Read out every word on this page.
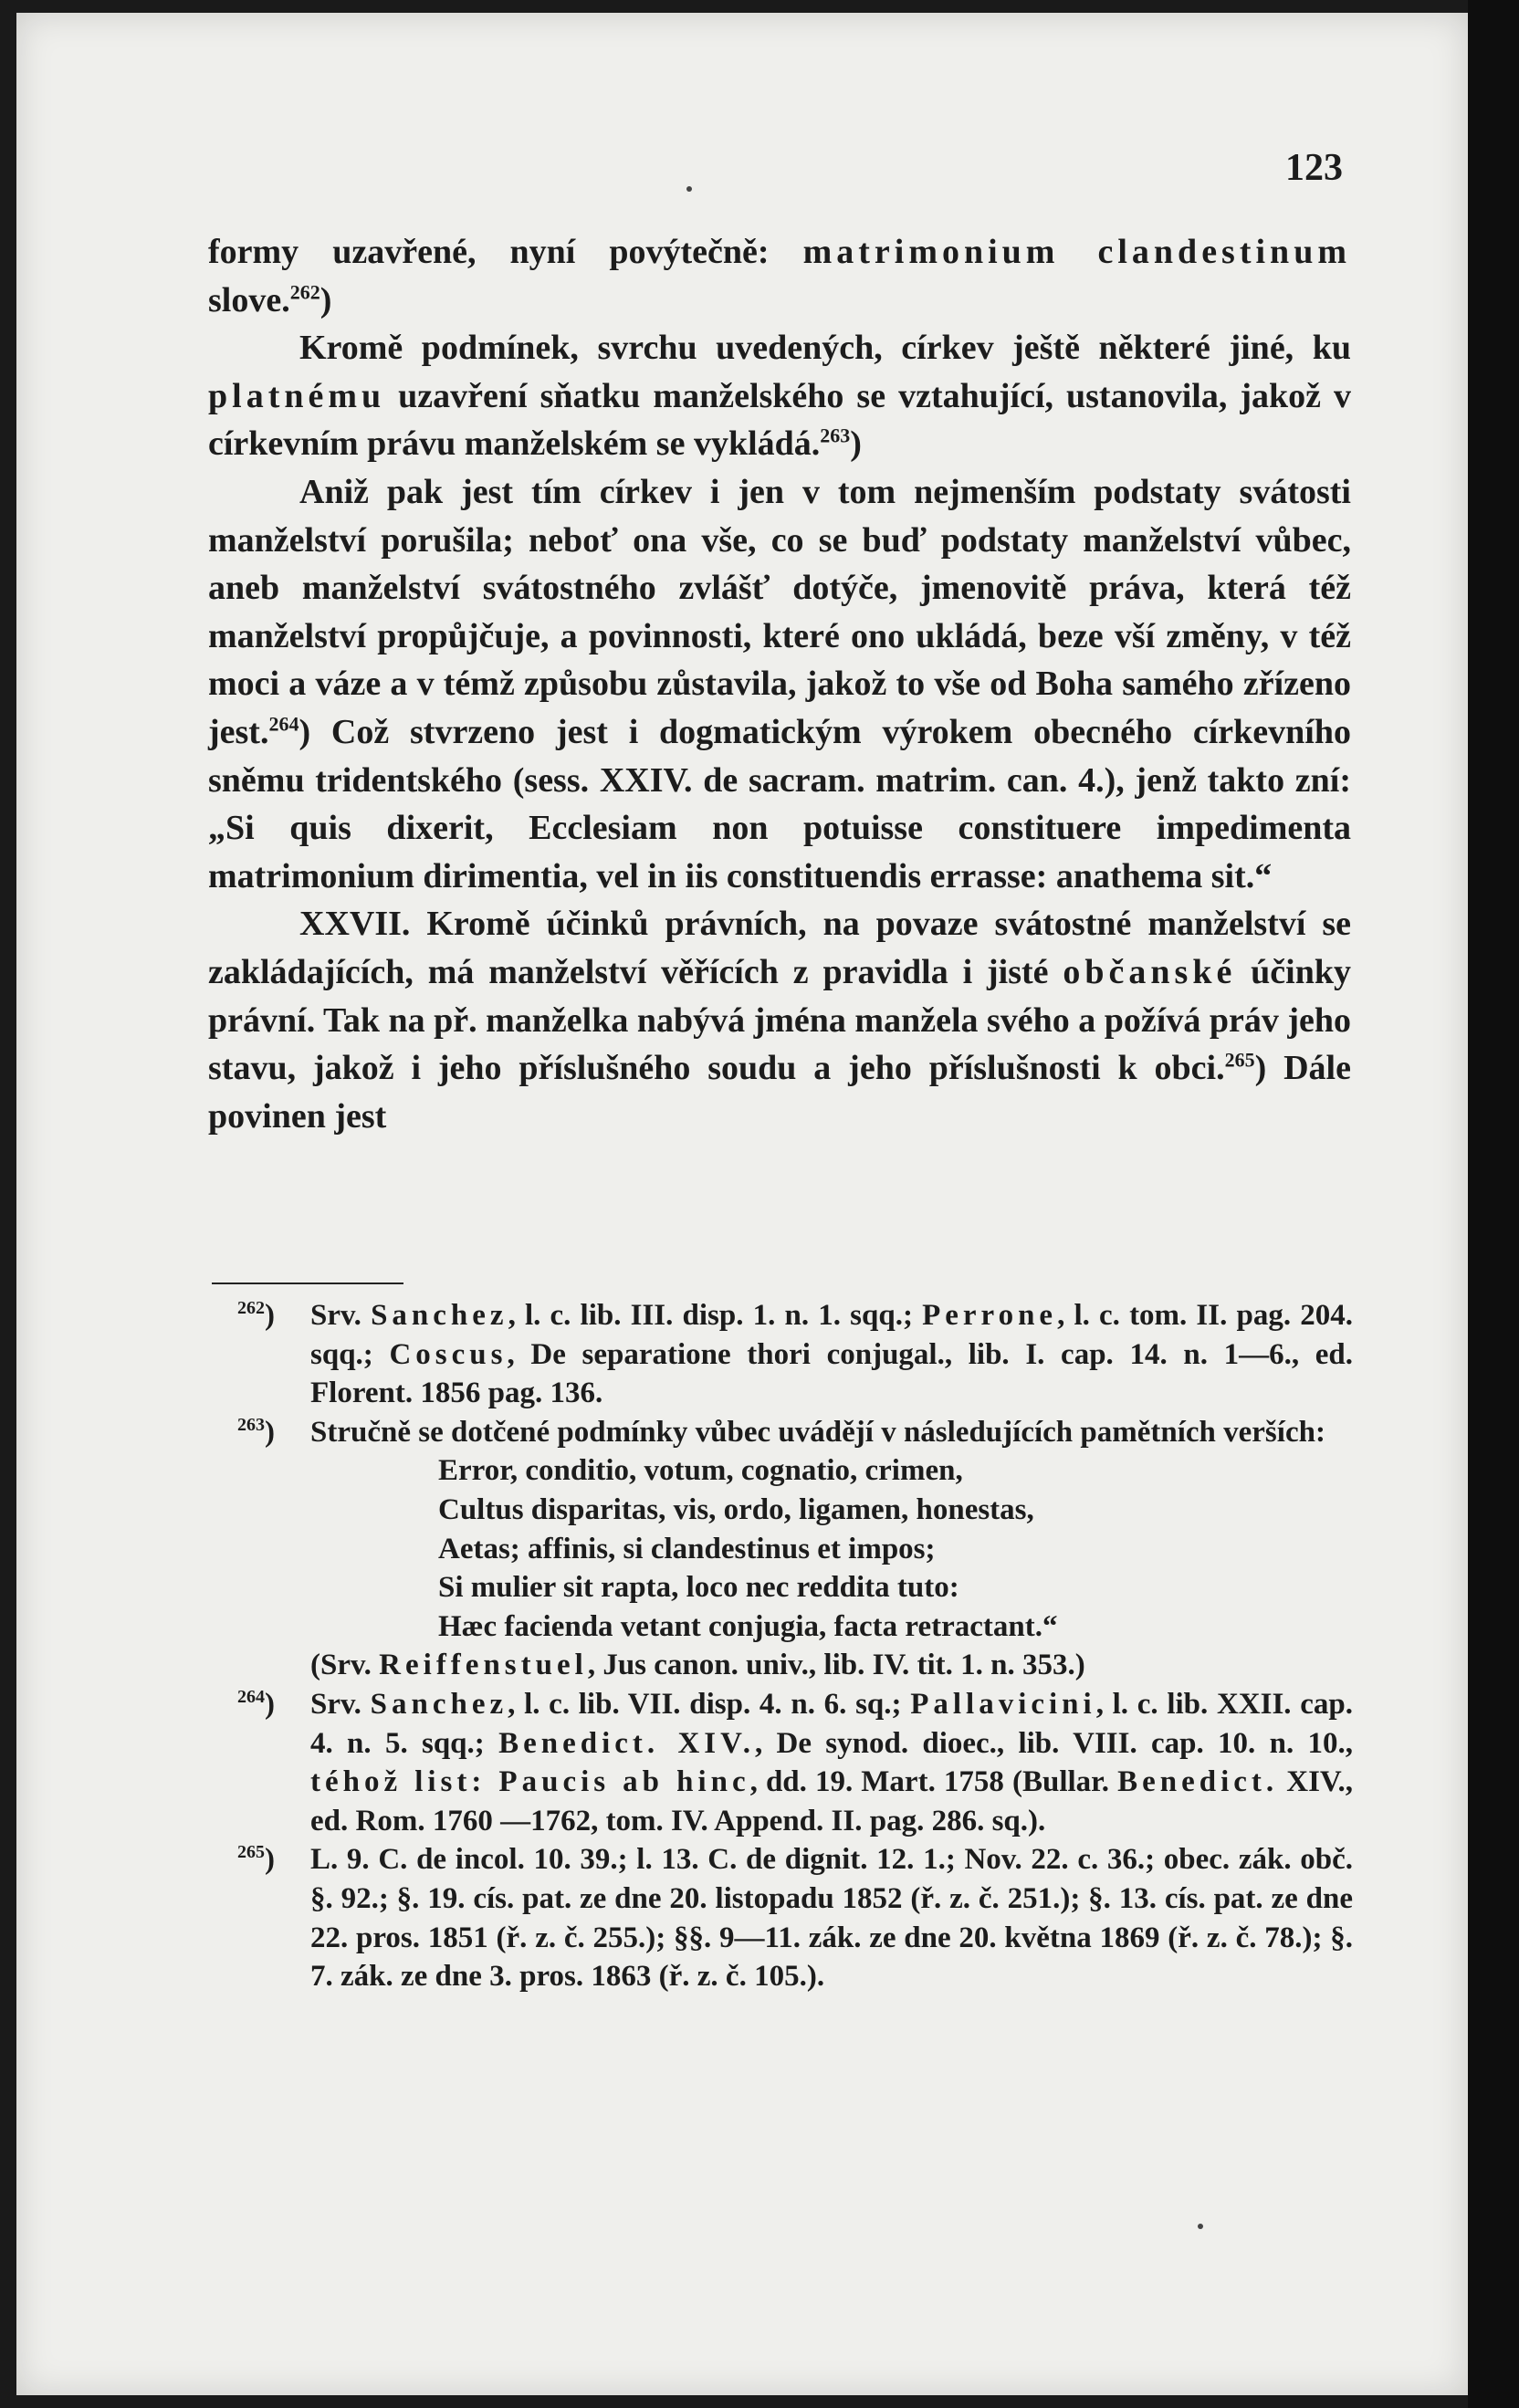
123

formy uzavřené, nyní povýtečně: matrimonium clandestinum slove.$^{262}$)

Kromě podmínek, svrchu uvedených, církev ještě některé jiné, ku platnému uzavření sňatku manželského se vztahující, ustanovila, jakož v církevním právu manželském se vykládá.$^{263}$)

Aniž pak jest tím církev i jen v tom nejmenším podstaty svátosti manželství porušila; neboť ona vše, co se buď podstaty manželství vůbec, aneb manželství svátostného zvlášť dotýče, jmenovitě práva, která též manželství propůjčuje, a povinnosti, které ono ukládá, beze vší změny, v též moci a váze a v témž způsobu zůstavila, jakož to vše od Boha samého zřízeno jest.$^{264}$) Což stvrzeno jest i dogmatickým výrokem obecného církevního sněmu tridentského (sess. XXIV. de sacram. matrim. can. 4.), jenž takto zní: „Si quis dixerit, Ecclesiam non potuisse constituere impedimenta matrimonium dirimentia, vel in iis constituendis errasse: anathema sit.“

XXVII. Kromě účinků právních, na povaze svátostné manželství se zakládajících, má manželství věřících z pravidla i jisté občanské účinky právní. Tak na př. manželka nabývá jména manžela svého a požívá práv jeho stavu, jakož i jeho příslušného soudu a jeho příslušnosti k obci.$^{265}$) Dále povinen jest

$^{262}$) Srv. Sanchez, l. c. lib. III. disp. 1. n. 1. sqq.; Perrone, l. c. tom. II. pag. 204. sqq.; Coscus, De separatione thori conjugal., lib. I. cap. 14. n. 1—6., ed. Florent. 1856 pag. 136.
$^{263}$) Stručně se dotčené podmínky vůbec uvádějí v následujících pamětních verších:
Error, conditio, votum, cognatio, crimen,
Cultus disparitas, vis, ordo, ligamen, honestas,
Aetas; affinis, si clandestinus et impos;
Si mulier sit rapta, loco nec reddita tuto:
Hæc facienda vetant conjugia, facta retractant.“
(Srv. Reiffenstuel, Jus canon. univ., lib. IV. tit. 1. n. 353.)
$^{264}$) Srv. Sanchez, l. c. lib. VII. disp. 4. n. 6. sq.; Pallavicini, l. c. lib. XXII. cap. 4. n. 5. sqq.; Benedict. XIV., De synod. dioec., lib. VIII. cap. 10. n. 10., téhož list: Paucis ab hinc, dd. 19. Mart. 1758 (Bullar. Benedict. XIV., ed. Rom. 1760 —1762, tom. IV. Append. II. pag. 286. sq.).
$^{265}$) L. 9. C. de incol. 10. 39.; l. 13. C. de dignit. 12. 1.; Nov. 22. c. 36.; obec. zák. obč. §. 92.; §. 19. cís. pat. ze dne 20. listopadu 1852 (ř. z. č. 251.); §. 13. cís. pat. ze dne 22. pros. 1851 (ř. z. č. 255.); §§. 9—11. zák. ze dne 20. května 1869 (ř. z. č. 78.); §. 7. zák. ze dne 3. pros. 1863 (ř. z. č. 105.).
